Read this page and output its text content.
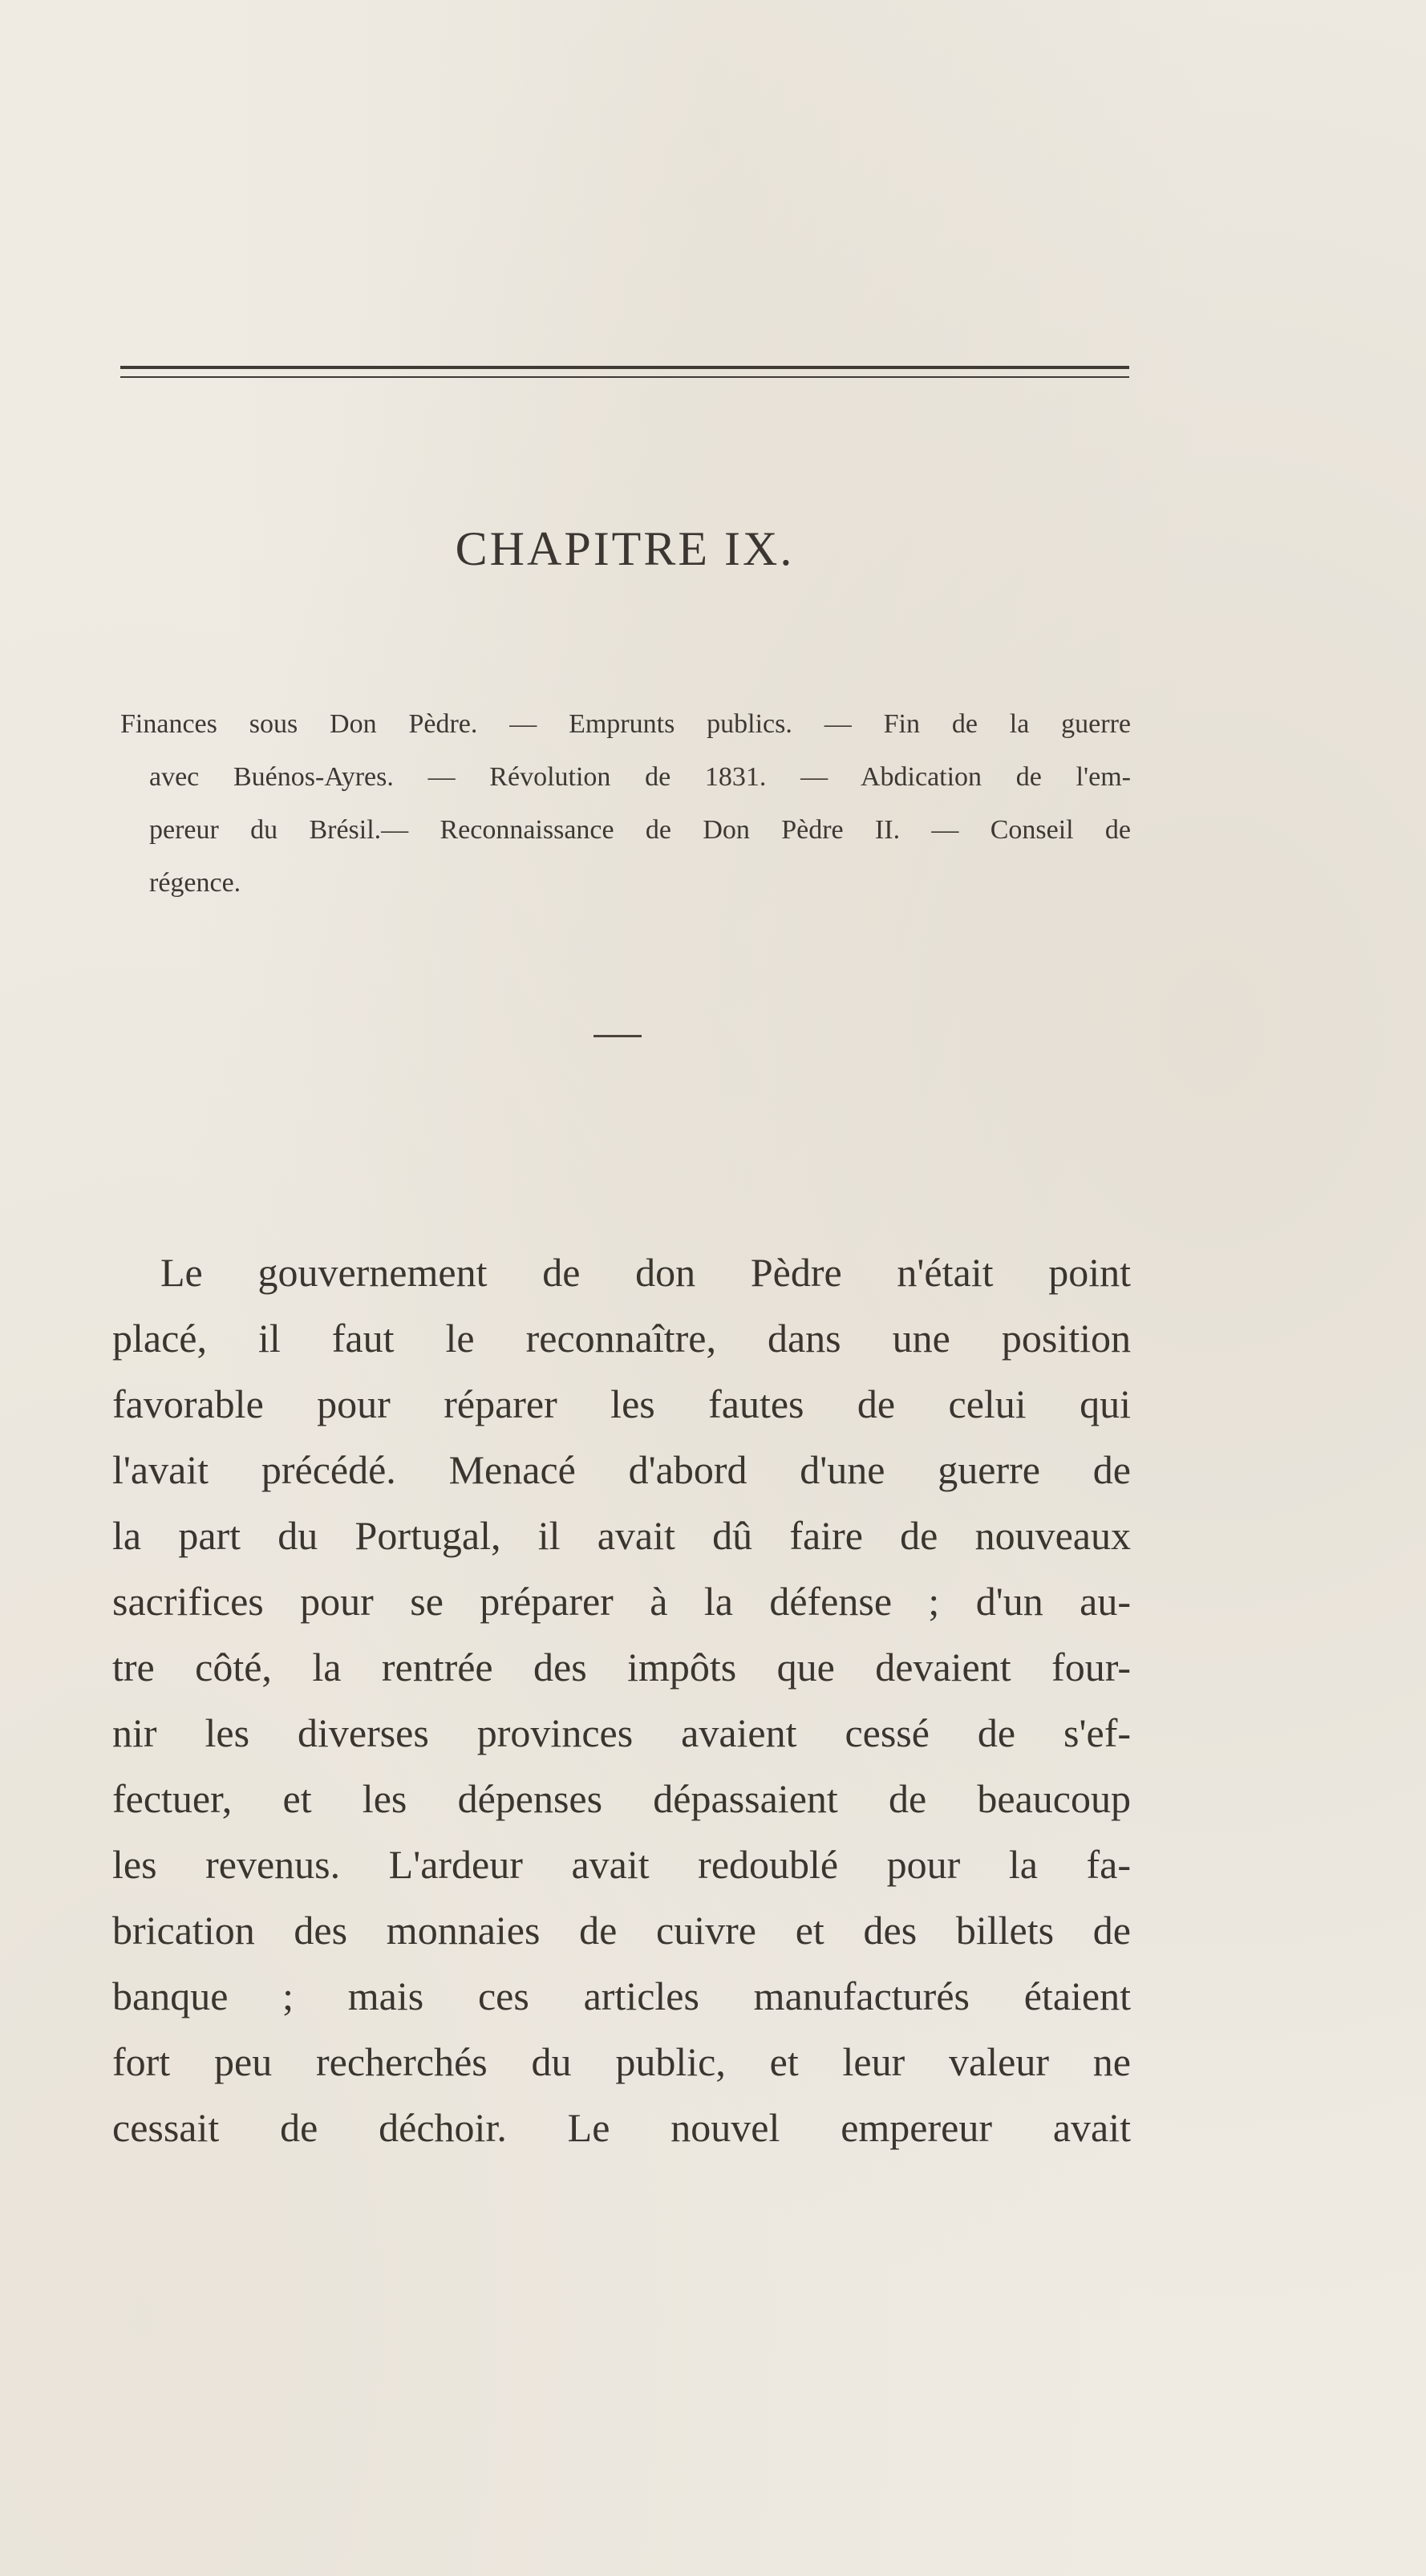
CHAPITRE IX.
Finances sous Don Pèdre. — Emprunts publics. — Fin de la guerre
avec Buénos-Ayres. — Révolution de 1831. — Abdication de l'em-
pereur du Brésil.— Reconnaissance de Don Pèdre II. — Conseil de
régence.
Le gouvernement de don Pèdre n'était point
placé, il faut le reconnaître, dans une position
favorable pour réparer les fautes de celui qui
l'avait précédé. Menacé d'abord d'une guerre de
la part du Portugal, il avait dû faire de nouveaux
sacrifices pour se préparer à la défense ; d'un au-
tre côté, la rentrée des impôts que devaient four-
nir les diverses provinces avaient cessé de s'ef-
fectuer, et les dépenses dépassaient de beaucoup
les revenus. L'ardeur avait redoublé pour la fa-
brication des monnaies de cuivre et des billets de
banque ; mais ces articles manufacturés étaient
fort peu recherchés du public, et leur valeur ne
cessait de déchoir. Le nouvel empereur avait
